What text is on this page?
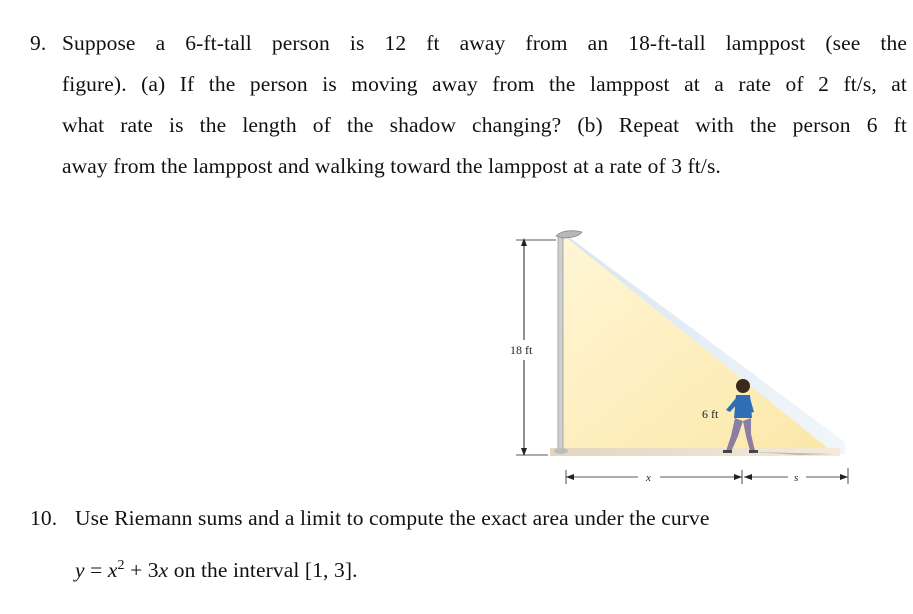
9. Suppose a 6-ft-tall person is 12 ft away from an 18-ft-tall lamppost (see the
figure). (a) If the person is moving away from the lamppost at a rate of 2 ft/s, at
what rate is the length of the shadow changing? (b) Repeat with the person 6 ft
away from the lamppost and walking toward the lamppost at a rate of 3 ft/s.
18 ft
6 ft
x	s
10. Use Riemann sums and a limit to compute the exact area under the curve
$y = x^2 + 3x$ on the interval [1, 3].
